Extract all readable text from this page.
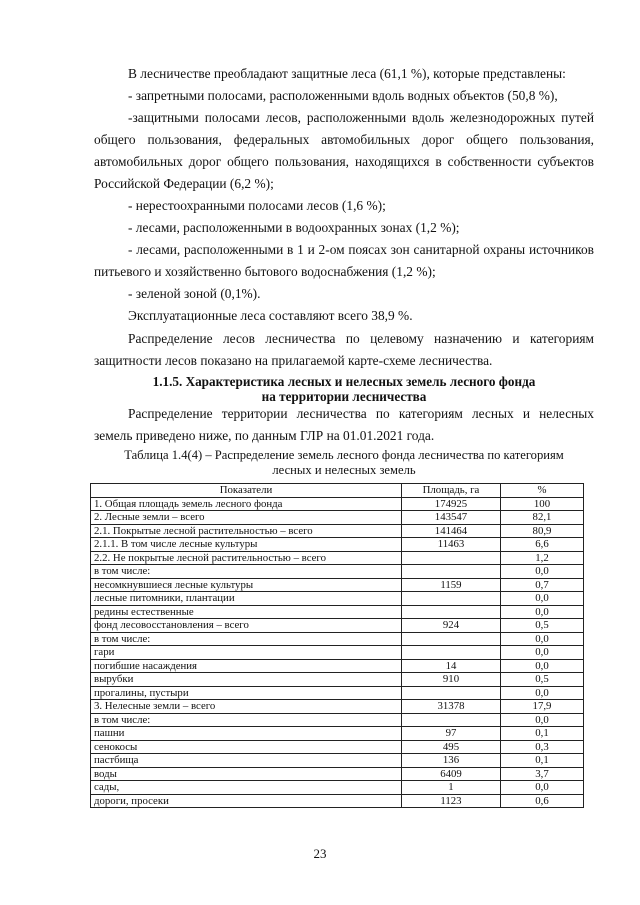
В лесничестве преобладают защитные леса (61,1 %), которые представлены:

- запретными полосами, расположенными вдоль водных объектов (50,8 %),

-защитными полосами лесов, расположенными вдоль железнодорожных путей общего пользования, федеральных автомобильных дорог общего пользования, автомобильных дорог общего пользования, находящихся в собственности субъектов Российской Федерации (6,2 %);

- нерестоохранными полосами лесов (1,6 %);

- лесами, расположенными в водоохранных зонах (1,2 %);

- лесами, расположенными в 1 и 2-ом поясах зон санитарной охраны источников питьевого и хозяйственно бытового водоснабжения (1,2 %);

- зеленой зоной (0,1%).

Эксплуатационные леса составляют всего 38,9 %.

Распределение лесов лесничества по целевому назначению и категориям защитности лесов показано на прилагаемой карте-схеме лесничества.

1.1.5. Характеристика лесных и нелесных земель лесного фонда

на территории лесничества

Распределение территории лесничества по категориям лесных и нелесных земель приведено ниже, по данным ГЛР на 01.01.2021 года.

Таблица 1.4(4) – Распределение земель лесного фонда лесничества по категориям

лесных и нелесных земель

Показатели	Площадь, га	%
1. Общая площадь земель лесного фонда	174925	100
2. Лесные земли – всего	143547	82,1
2.1. Покрытые лесной растительностью – всего	141464	80,9
2.1.1. В том числе лесные культуры	11463	6,6
2.2. Не покрытые лесной растительностью – всего		1,2
в том числе:		0,0
несомкнувшиеся лесные культуры	1159	0,7
лесные питомники, плантации		0,0
редины естественные		0,0
фонд лесовосстановления – всего	924	0,5
в том числе:		0,0
гари		0,0
погибшие насаждения	14	0,0
вырубки	910	0,5
прогалины, пустыри		0,0
3. Нелесные земли – всего	31378	17,9
в том числе:		0,0
пашни	97	0,1
сенокосы	495	0,3
пастбища	136	0,1
воды	6409	3,7
сады,	1	0,0
дороги, просеки	1123	0,6

23
